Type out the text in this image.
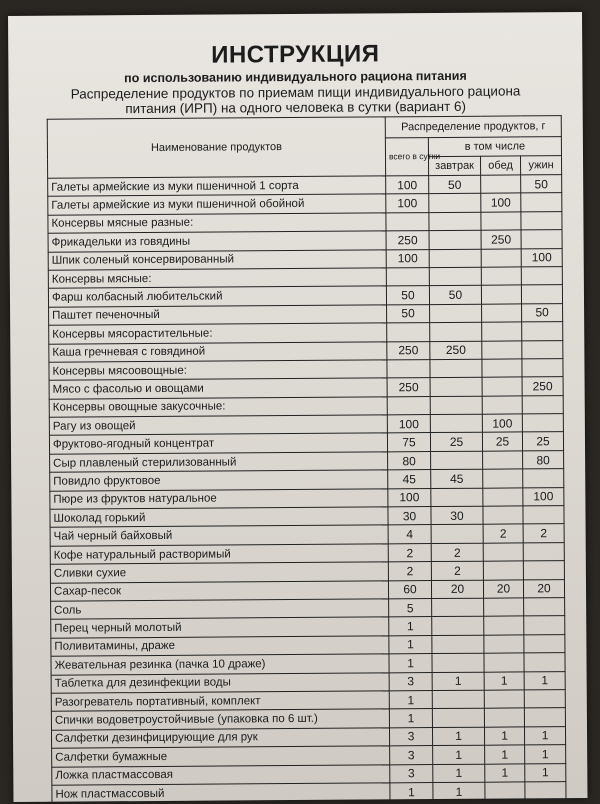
ИНСТРУКЦИЯ
по использованию индивидуального рациона питания
Распределение продуктов по приемам пищи индивидуального рациона питания (ИРП) на одного человека в сутки (вариант 6)
Наименование продуктов	Распределение продуктов, г			
	всего в сутки	в том числе		
		завтрак	обед	ужин
Галеты армейские из муки пшеничной 1 сорта	100	50		50
Галеты армейские из муки пшеничной обойной	100		100	
Консервы мясные разные:				
Фрикадельки из говядины	250		250	
Шпик соленый консервированный	100			100
Консервы мясные:				
Фарш колбасный любительский	50	50		
Паштет печеночный	50			50
Консервы мясорастительные:				
Каша гречневая с говядиной	250	250		
Консервы мясоовощные:				
Мясо с фасолью и овощами	250			250
Консервы овощные закусочные:				
Рагу из овощей	100		100	
Фруктово-ягодный концентрат	75	25	25	25
Сыр плавленый стерилизованный	80			80
Повидло фруктовое	45	45		
Пюре из фруктов натуральное	100			100
Шоколад горький	30	30		
Чай черный байховый	4		2	2
Кофе натуральный растворимый	2	2		
Сливки сухие	2	2		
Сахар-песок	60	20	20	20
Соль	5			
Перец черный молотый	1			
Поливитамины, драже	1			
Жевательная резинка (пачка 10 драже)	1			
Таблетка для дезинфекции воды	3	1	1	1
Разогреватель портативный, комплект	1			
Спички водоветроустойчивые (упаковка по 6 шт.)	1			
Салфетки дезинфицирующие для рук	3	1	1	1
Салфетки бумажные	3	1	1	1
Ложка пластмассовая	3	1	1	1
Нож пластмассовый	1	1		
